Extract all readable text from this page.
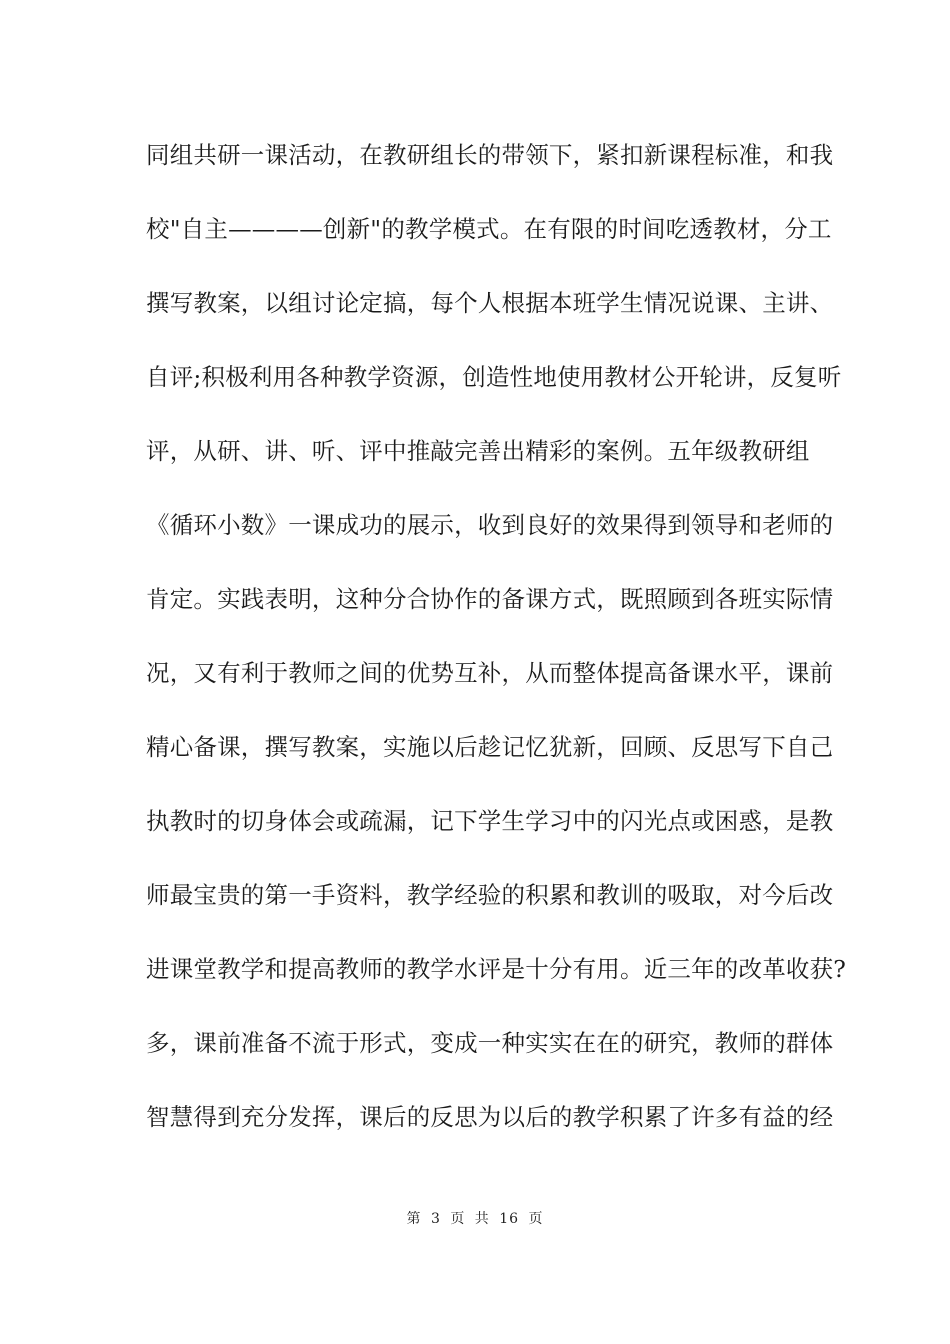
同组共研一课活动，在教研组长的带领下，紧扣新课程标准，和我
校"自主————创新"的教学模式。在有限的时间吃透教材，分工
撰写教案，以组讨论定搞，每个人根据本班学生情况说课、主讲、
自评;积极利用各种教学资源，创造性地使用教材公开轮讲，反复听
评，从研、讲、听、评中推敲完善出精彩的案例。五年级教研组
《循环小数》一课成功的展示，收到良好的效果得到领导和老师的
肯定。实践表明，这种分合协作的备课方式，既照顾到各班实际情
况，又有利于教师之间的优势互补，从而整体提高备课水平，课前
精心备课，撰写教案，实施以后趁记忆犹新，回顾、反思写下自己
执教时的切身体会或疏漏，记下学生学习中的闪光点或困惑，是教
师最宝贵的第一手资料，教学经验的积累和教训的吸取，对今后改
进课堂教学和提高教师的教学水评是十分有用。近三年的改革收获?
多，课前准备不流于形式，变成一种实实在在的研究，教师的群体
智慧得到充分发挥，课后的反思为以后的教学积累了许多有益的经
第 3 页 共 16 页
